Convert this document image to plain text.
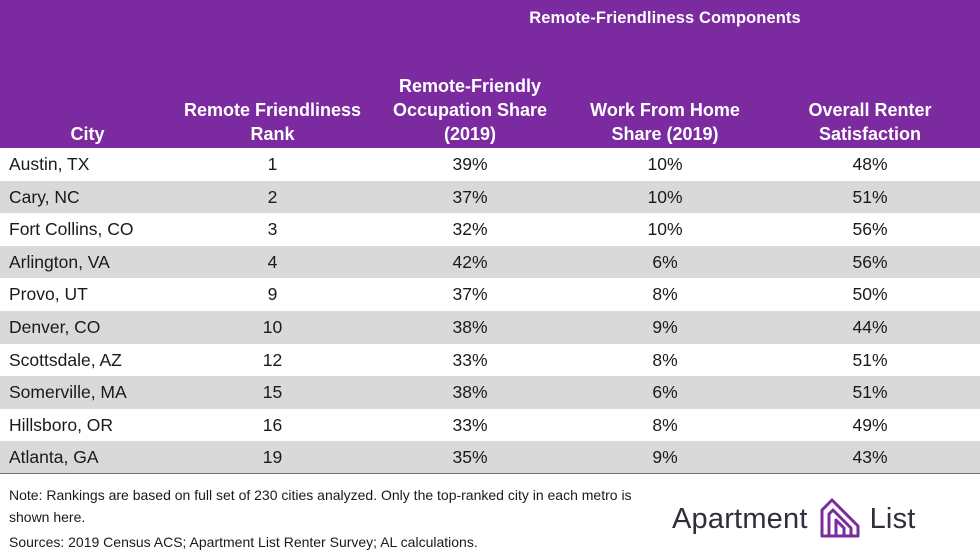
Remote-Friendliness Components
City
Remote Friendliness Rank
Remote-Friendly Occupation Share (2019)
Work From Home Share (2019)
Overall Renter Satisfaction
Austin, TX	1	39%	10%	48%
Cary, NC	2	37%	10%	51%
Fort Collins, CO	3	32%	10%	56%
Arlington, VA	4	42%	6%	56%
Provo, UT	9	37%	8%	50%
Denver, CO	10	38%	9%	44%
Scottsdale, AZ	12	33%	8%	51%
Somerville, MA	15	38%	6%	51%
Hillsboro, OR	16	33%	8%	49%
Atlanta, GA	19	35%	9%	43%
Note: Rankings are based on full set of 230 cities analyzed. Only the top-ranked city in each metro is shown here.
Sources: 2019 Census ACS; Apartment List Renter Survey; AL calculations.
Apartment List
